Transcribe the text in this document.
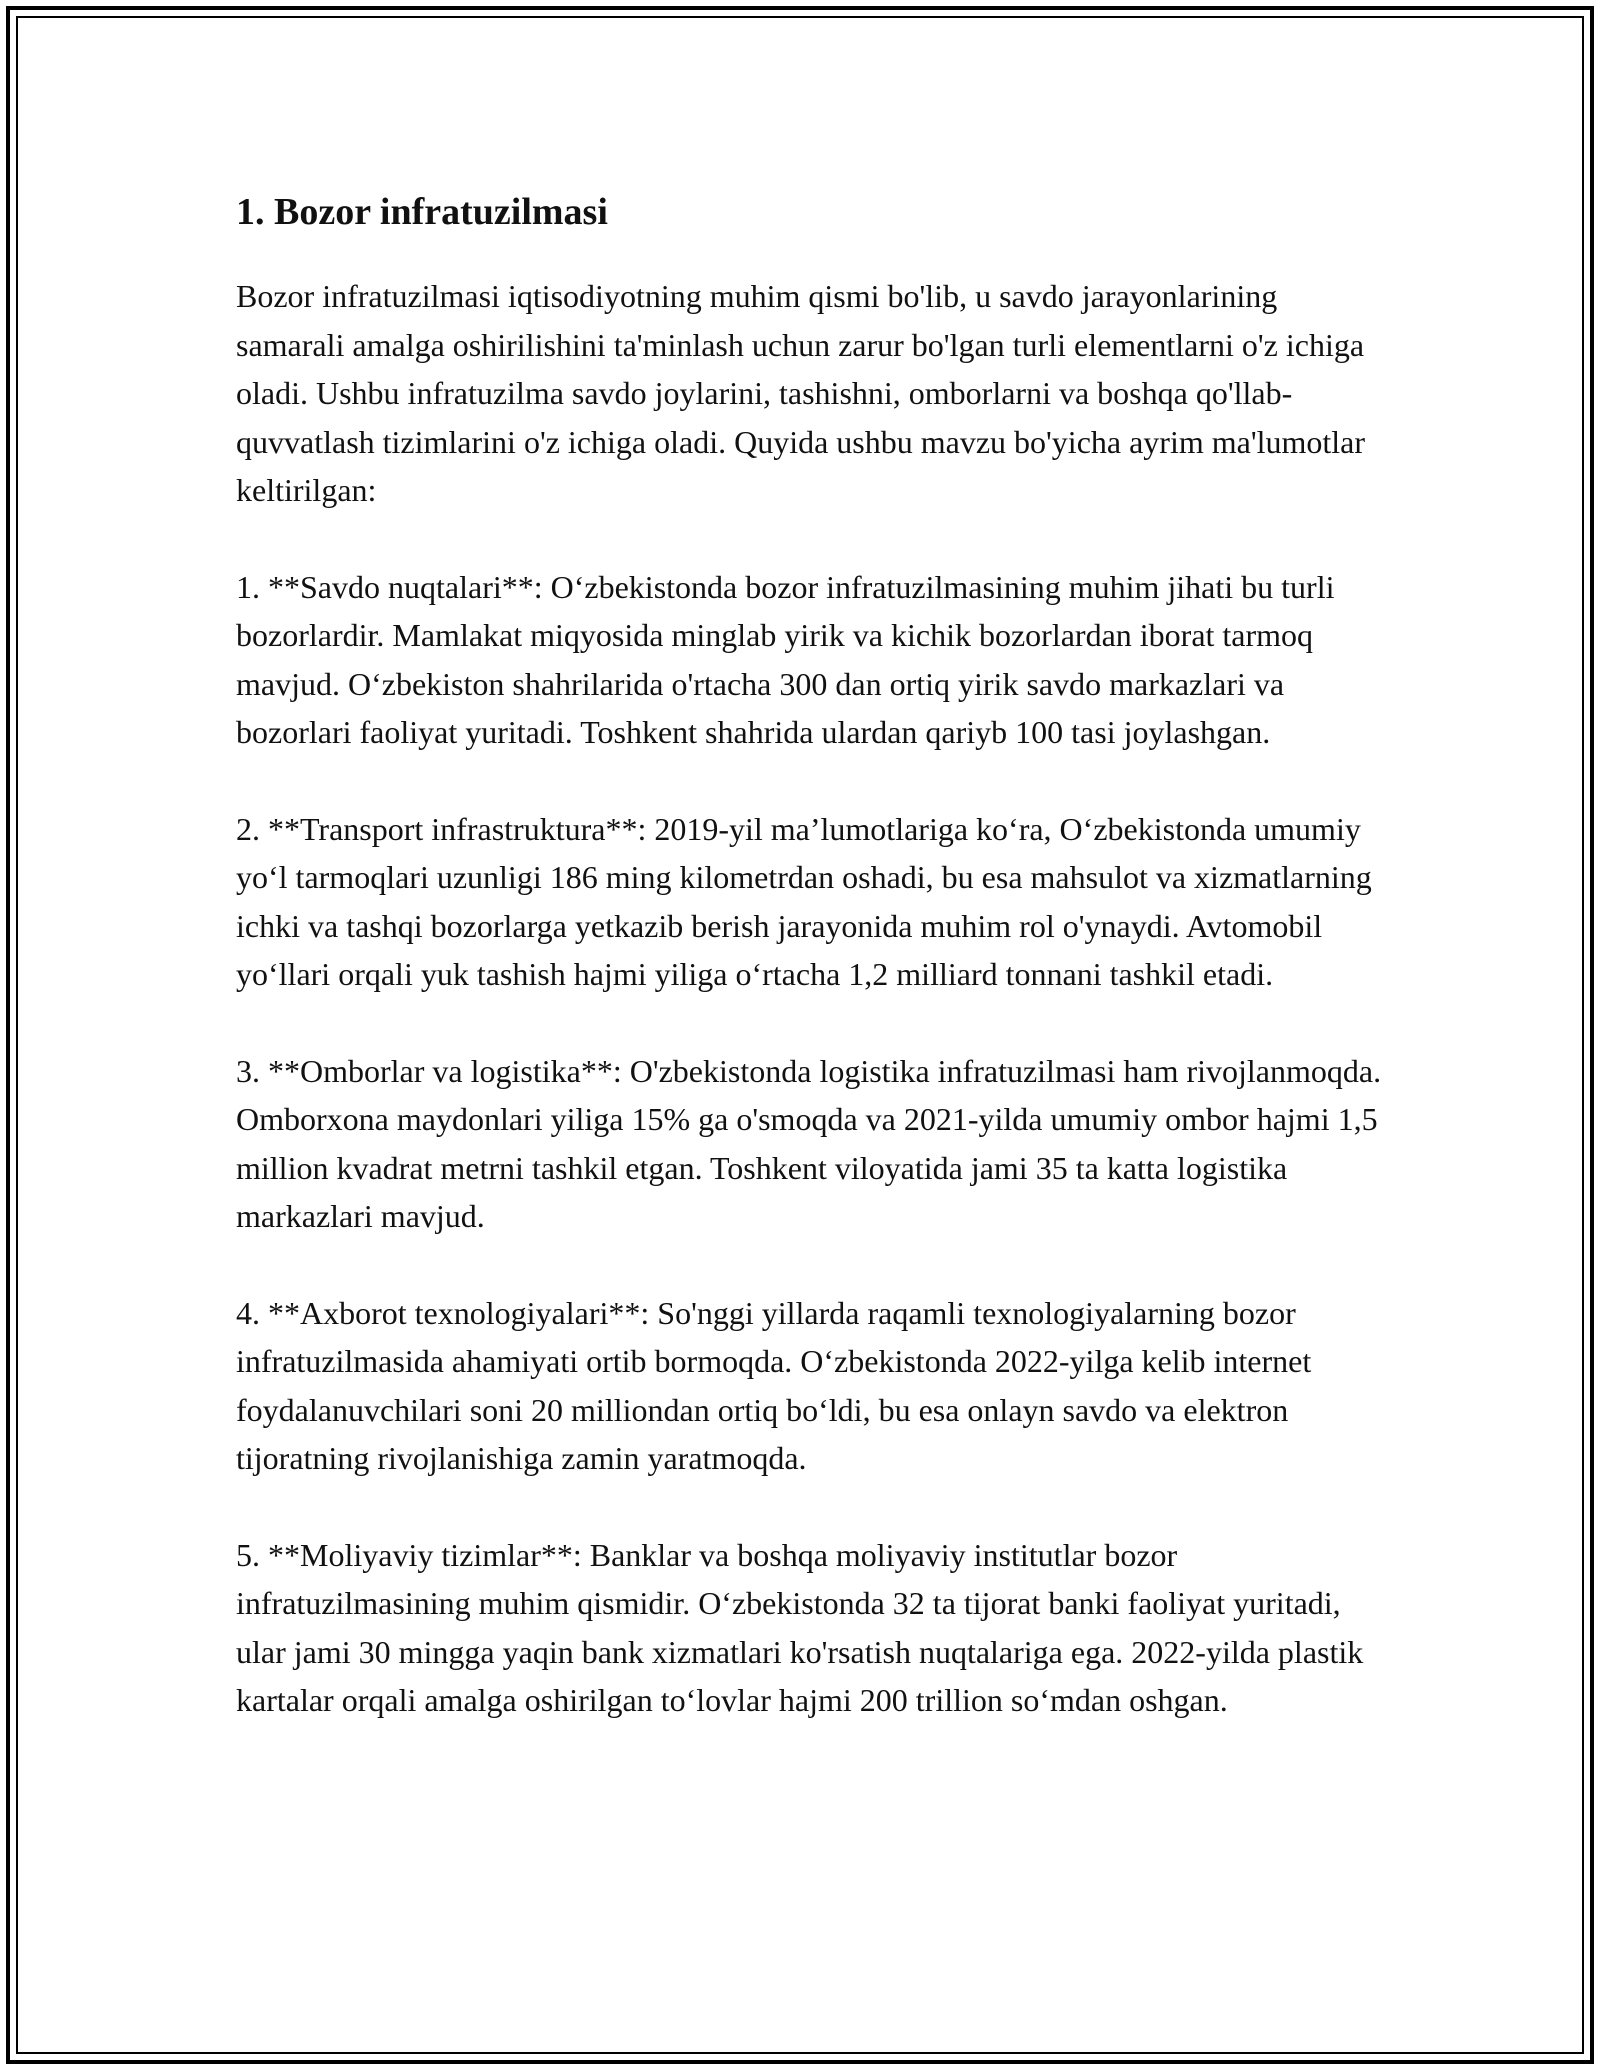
1. Bozor infratuzilmasi

Bozor infratuzilmasi iqtisodiyotning muhim qismi bo'lib, u savdo jarayonlarining samarali amalga oshirilishini ta'minlash uchun zarur bo'lgan turli elementlarni o'z ichiga oladi. Ushbu infratuzilma savdo joylarini, tashishni, omborlarni va boshqa qo'llab-quvvatlash tizimlarini o'z ichiga oladi. Quyida ushbu mavzu bo'yicha ayrim ma'lumotlar keltirilgan:

1. **Savdo nuqtalari**: O‘zbekistonda bozor infratuzilmasining muhim jihati bu turli bozorlardir. Mamlakat miqyosida minglab yirik va kichik bozorlardan iborat tarmoq mavjud. O‘zbekiston shahrilarida o'rtacha 300 dan ortiq yirik savdo markazlari va bozorlari faoliyat yuritadi. Toshkent shahrida ulardan qariyb 100 tasi joylashgan.

2. **Transport infrastruktura**: 2019-yil ma’lumotlariga ko‘ra, O‘zbekistonda umumiy yo‘l tarmoqlari uzunligi 186 ming kilometrdan oshadi, bu esa mahsulot va xizmatlarning ichki va tashqi bozorlarga yetkazib berish jarayonida muhim rol o'ynaydi. Avtomobil yo‘llari orqali yuk tashish hajmi yiliga o‘rtacha 1,2 milliard tonnani tashkil etadi.

3. **Omborlar va logistika**: O'zbekistonda logistika infratuzilmasi ham rivojlanmoqda. Omborxona maydonlari yiliga 15% ga o'smoqda va 2021-yilda umumiy ombor hajmi 1,5 million kvadrat metrni tashkil etgan. Toshkent viloyatida jami 35 ta katta logistika markazlari mavjud.

4. **Axborot texnologiyalari**: So'nggi yillarda raqamli texnologiyalarning bozor infratuzilmasida ahamiyati ortib bormoqda. O‘zbekistonda 2022-yilga kelib internet foydalanuvchilari soni 20 milliondan ortiq bo‘ldi, bu esa onlayn savdo va elektron tijoratning rivojlanishiga zamin yaratmoqda.

5. **Moliyaviy tizimlar**: Banklar va boshqa moliyaviy institutlar bozor infratuzilmasining muhim qismidir. O‘zbekistonda 32 ta tijorat banki faoliyat yuritadi, ular jami 30 mingga yaqin bank xizmatlari ko'rsatish nuqtalariga ega. 2022-yilda plastik kartalar orqali amalga oshirilgan to‘lovlar hajmi 200 trillion so‘mdan oshgan.
